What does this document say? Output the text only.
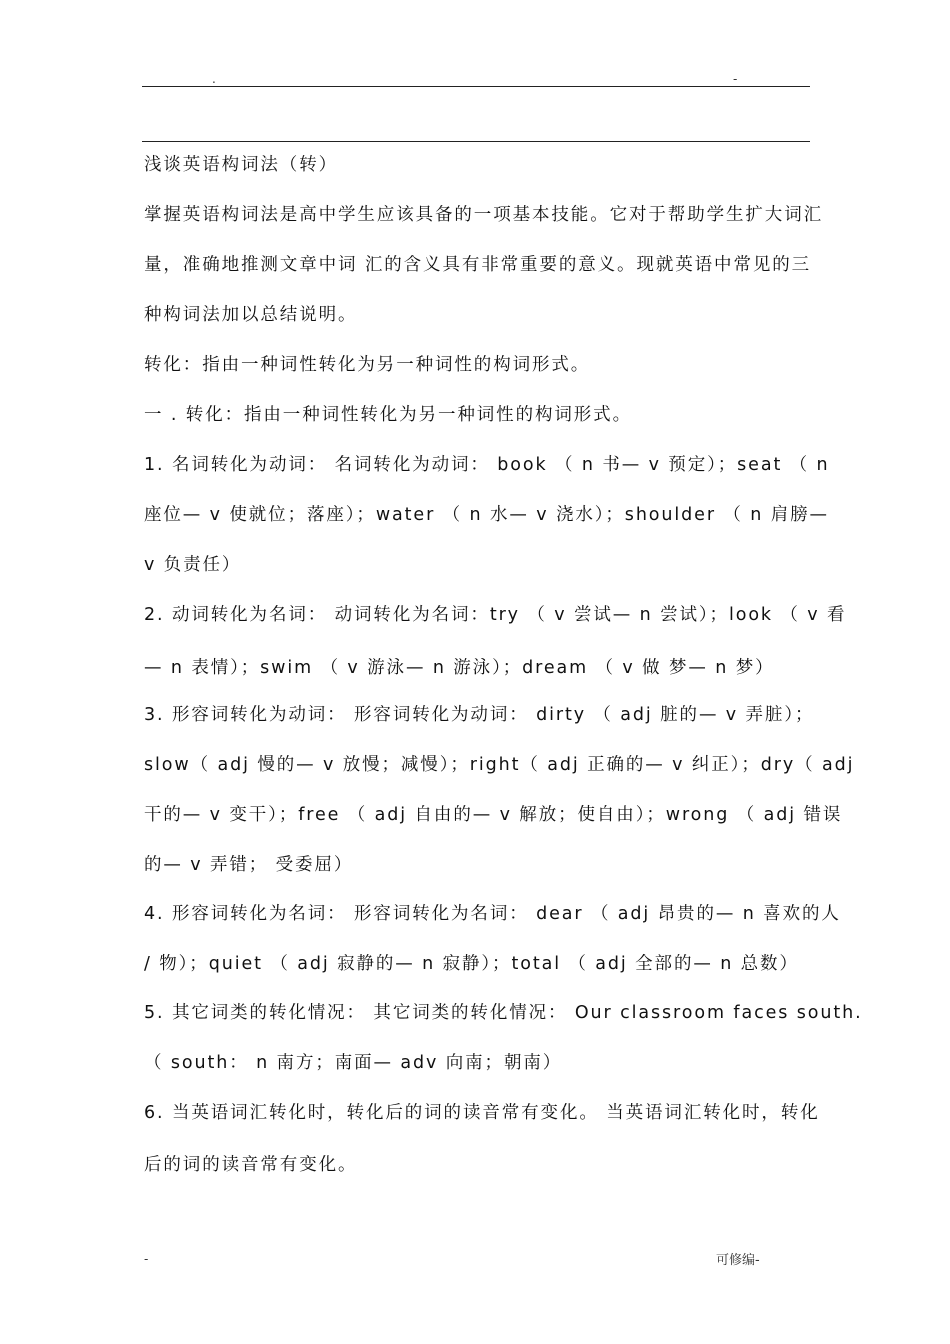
.	-

浅谈英语构词法（转）

掌握英语构词法是高中学生应该具备的一项基本技能。它对于帮助学生扩大词汇
量，准确地推测文章中词 汇的含义具有非常重要的意义。现就英语中常见的三
种构词法加以总结说明。

转化：指由一种词性转化为另一种词性的构词形式。

一 . 转化：指由一种词性转化为另一种词性的构词形式。

1. 名词转化为动词： 名词转化为动词： book （ n 书— v 预定）；seat （ n
座位— v 使就位；落座）；water （ n 水— v 浇水）；shoulder （ n 肩膀—
v 负责任）

2. 动词转化为名词： 动词转化为名词：try （ v 尝试— n 尝试）；look （ v 看
— n 表情）；swim （ v 游泳— n 游泳）；dream （ v 做 梦— n 梦）

3. 形容词转化为动词： 形容词转化为动词： dirty （ adj 脏的— v 弄脏）；
slow（ adj 慢的— v 放慢；减慢）；right（ adj 正确的— v 纠正）；dry（ adj
干的— v 变干）；free （ adj 自由的— v 解放；使自由）；wrong （ adj 错误
的— v 弄错； 受委屈）

4. 形容词转化为名词： 形容词转化为名词： dear （ adj 昂贵的— n 喜欢的人
/ 物）；quiet （ adj 寂静的— n 寂静）；total （ adj 全部的— n 总数）

5. 其它词类的转化情况： 其它词类的转化情况： Our classroom faces south.
（ south： n 南方；南面— adv 向南；朝南）

6. 当英语词汇转化时，转化后的词的读音常有变化。 当英语词汇转化时，转化
后的词的读音常有变化。

-	可修编-
